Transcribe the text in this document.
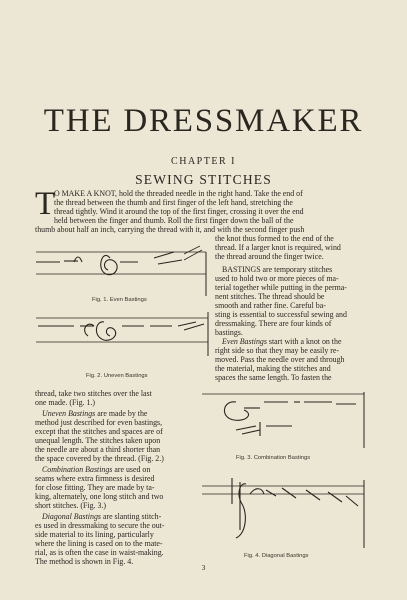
THE DRESSMAKER
CHAPTER I
SEWING STITCHES
T
O MAKE A KNOT, hold the threaded needle in the right hand. Take the end of
the thread between the thumb and first finger of the left hand, stretching the
thread tightly. Wind it around the top of the first finger, crossing it over the end
held between the finger and thumb. Roll the first finger down the ball of the
thumb about half an inch, carrying the thread with it, and with the second finger push
the knot thus formed to the end of the
thread. If a larger knot is required, wind
the thread around the finger twice.
BASTINGS are temporary stitches
used to hold two or more pieces of ma-
terial together while putting in the perma-
nent stitches. The thread should be
smooth and rather fine. Careful ba-
sting is essential to successful sewing and
dressmaking. There are four kinds of
bastings.
Even Bastings start with a knot on the
right side so that they may be easily re-
moved. Pass the needle over and through
the material, making the stitches and
spaces the same length. To fasten the
thread, take two stitches over the last
one made. (Fig. 1.)
Uneven Bastings are made by the
method just described for even bastings,
except that the stitches and spaces are of
unequal length. The stitches taken upon
the needle are about a third shorter than
the space covered by the thread. (Fig. 2.)
Combination Bastings are used on
seams where extra firmness is desired
for close fitting. They are made by ta-
king, alternately, one long stitch and two
short stitches. (Fig. 3.)
Diagonal Bastings are slanting stitch-
es used in dressmaking to secure the out-
side material to its lining, particularly
where the lining is cased on to the mate-
rial, as is often the case in waist-making.
The method is shown in Fig. 4.
Fig. 1. Even Bastings
Fig. 2. Uneven Bastings
Fig. 3. Combination Bastings
Fig. 4. Diagonal Bastings
3
